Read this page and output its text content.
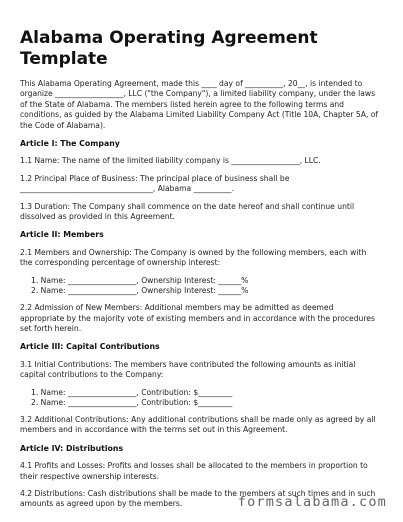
Alabama Operating Agreement
Template

This Alabama Operating Agreement, made this ____ day of __________, 20__, is intended to organize __________________, LLC ("the Company"), a limited liability company, under the laws of the State of Alabama. The members listed herein agree to the following terms and conditions, as guided by the Alabama Limited Liability Company Act (Title 10A, Chapter 5A, of the Code of Alabama).

Article I: The Company

1.1 Name: The name of the limited liability company is __________________, LLC.

1.2 Principal Place of Business: The principal place of business shall be ___________________________________, Alabama __________.

1.3 Duration: The Company shall commence on the date hereof and shall continue until dissolved as provided in this Agreement.

Article II: Members

2.1 Members and Ownership: The Company is owned by the following members, each with the corresponding percentage of ownership interest:

1. Name: __________________, Ownership Interest: ______%
2. Name: __________________, Ownership Interest: ______%

2.2 Admission of New Members: Additional members may be admitted as deemed appropriate by the majority vote of existing members and in accordance with the procedures set forth herein.

Article III: Capital Contributions

3.1 Initial Contributions: The members have contributed the following amounts as initial capital contributions to the Company:

1. Name: __________________, Contribution: $_________
2. Name: __________________, Contribution: $_________

3.2 Additional Contributions: Any additional contributions shall be made only as agreed by all members and in accordance with the terms set out in this Agreement.

Article IV: Distributions

4.1 Profits and Losses: Profits and losses shall be allocated to the members in proportion to their respective ownership interests.

4.2 Distributions: Cash distributions shall be made to the members at such times and in such amounts as agreed upon by the members.	formsalabama.com
